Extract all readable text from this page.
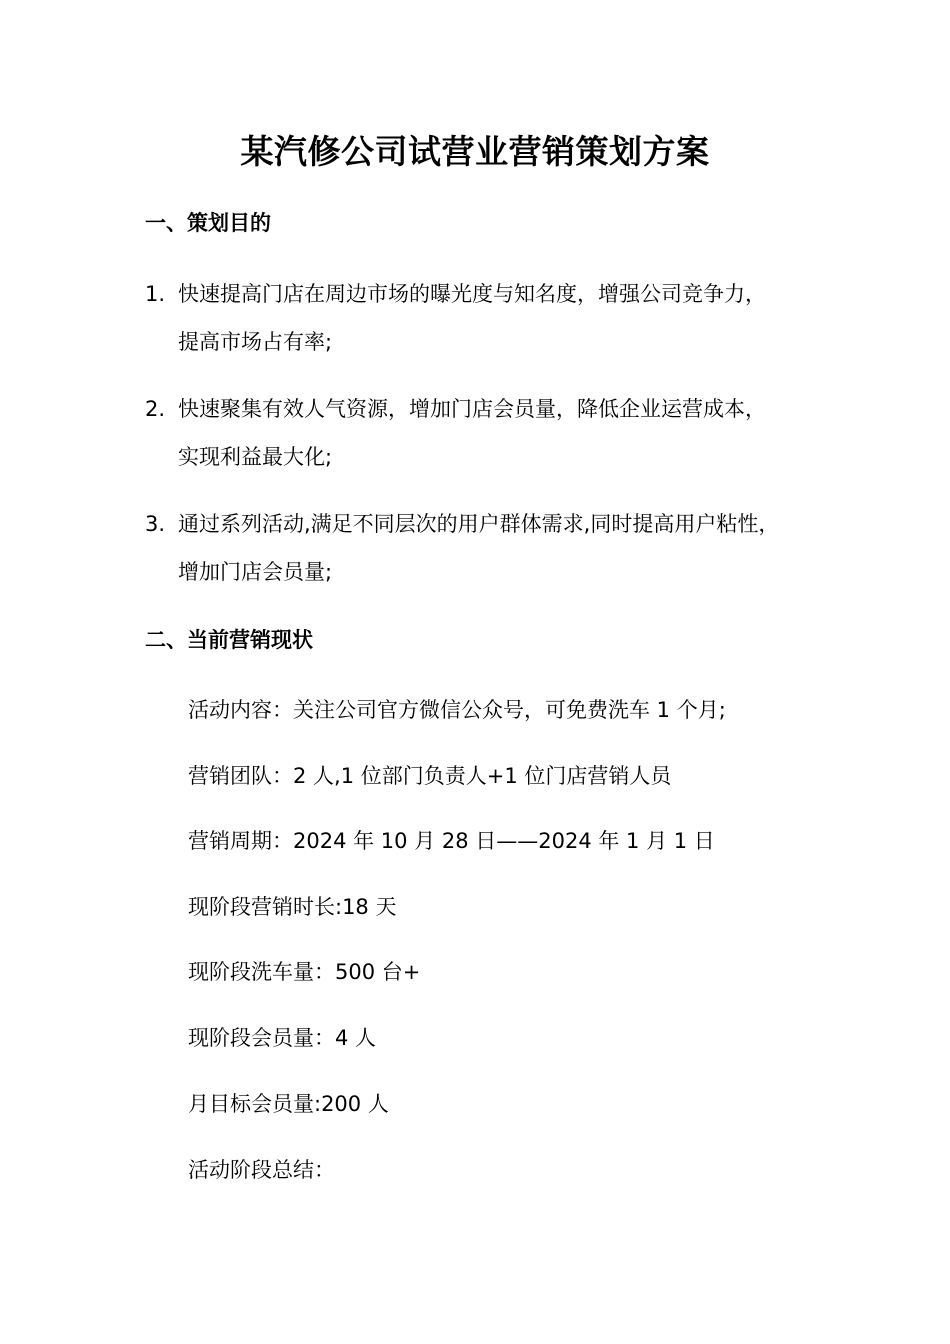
某汽修公司试营业营销策划方案
一、策划目的
1. 快速提高门店在周边市场的曝光度与知名度，增强公司竞争力，
提高市场占有率;
2. 快速聚集有效人气资源，增加门店会员量，降低企业运营成本，
实现利益最大化;
3. 通过系列活动,满足不同层次的用户群体需求,同时提高用户粘性，
增加门店会员量;
二、当前营销现状
活动内容：关注公司官方微信公众号，可免费洗车 1 个月;
营销团队：2 人,1 位部门负责人+1 位门店营销人员
营销周期：2024 年 10 月 28 日——2024 年 1 月 1 日
现阶段营销时长:18 天
现阶段洗车量：500 台+
现阶段会员量：4 人
月目标会员量:200 人
活动阶段总结：
